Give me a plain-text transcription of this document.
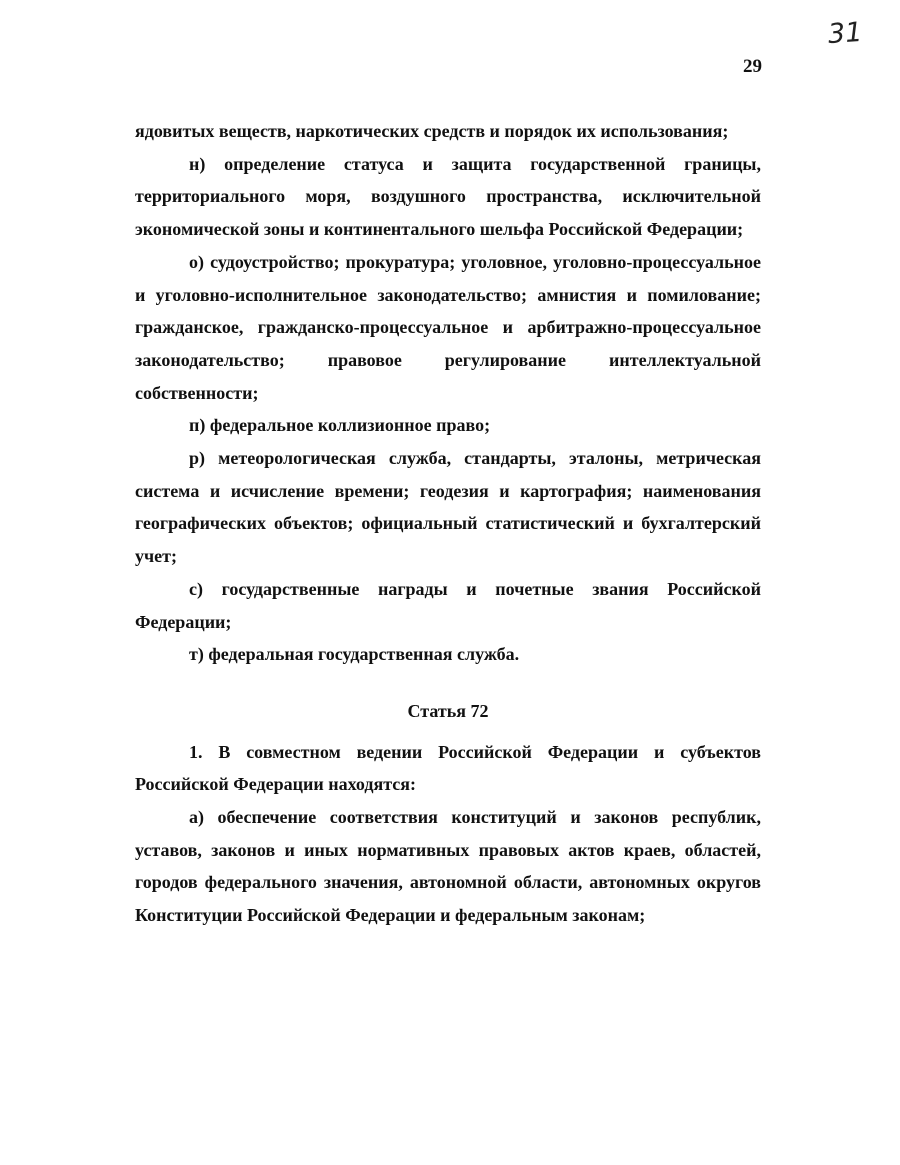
31
29

ядовитых веществ, наркотических средств и порядок их использования;

н) определение статуса и защита государственной границы, территориального моря, воздушного пространства, исключительной экономической зоны и континентального шельфа Российской Федерации;

о) судоустройство; прокуратура; уголовное, уголовно-процессуальное и уголовно-исполнительное законодательство; амнистия и помилование; гражданское, гражданско-процессуальное и арбитражно-процессуальное законодательство; правовое регулирование интеллектуальной собственности;

п) федеральное коллизионное право;

р) метеорологическая служба, стандарты, эталоны, метрическая система и исчисление времени; геодезия и картография; наименования географических объектов; официальный статистический и бухгалтерский учет;

с) государственные награды и почетные звания Российской Федерации;

т) федеральная государственная служба.

Статья 72

1. В совместном ведении Российской Федерации и субъектов Российской Федерации находятся:

а) обеспечение соответствия конституций и законов республик, уставов, законов и иных нормативных правовых актов краев, областей, городов федерального значения, автономной области, автономных округов Конституции Российской Федерации и федеральным законам;
